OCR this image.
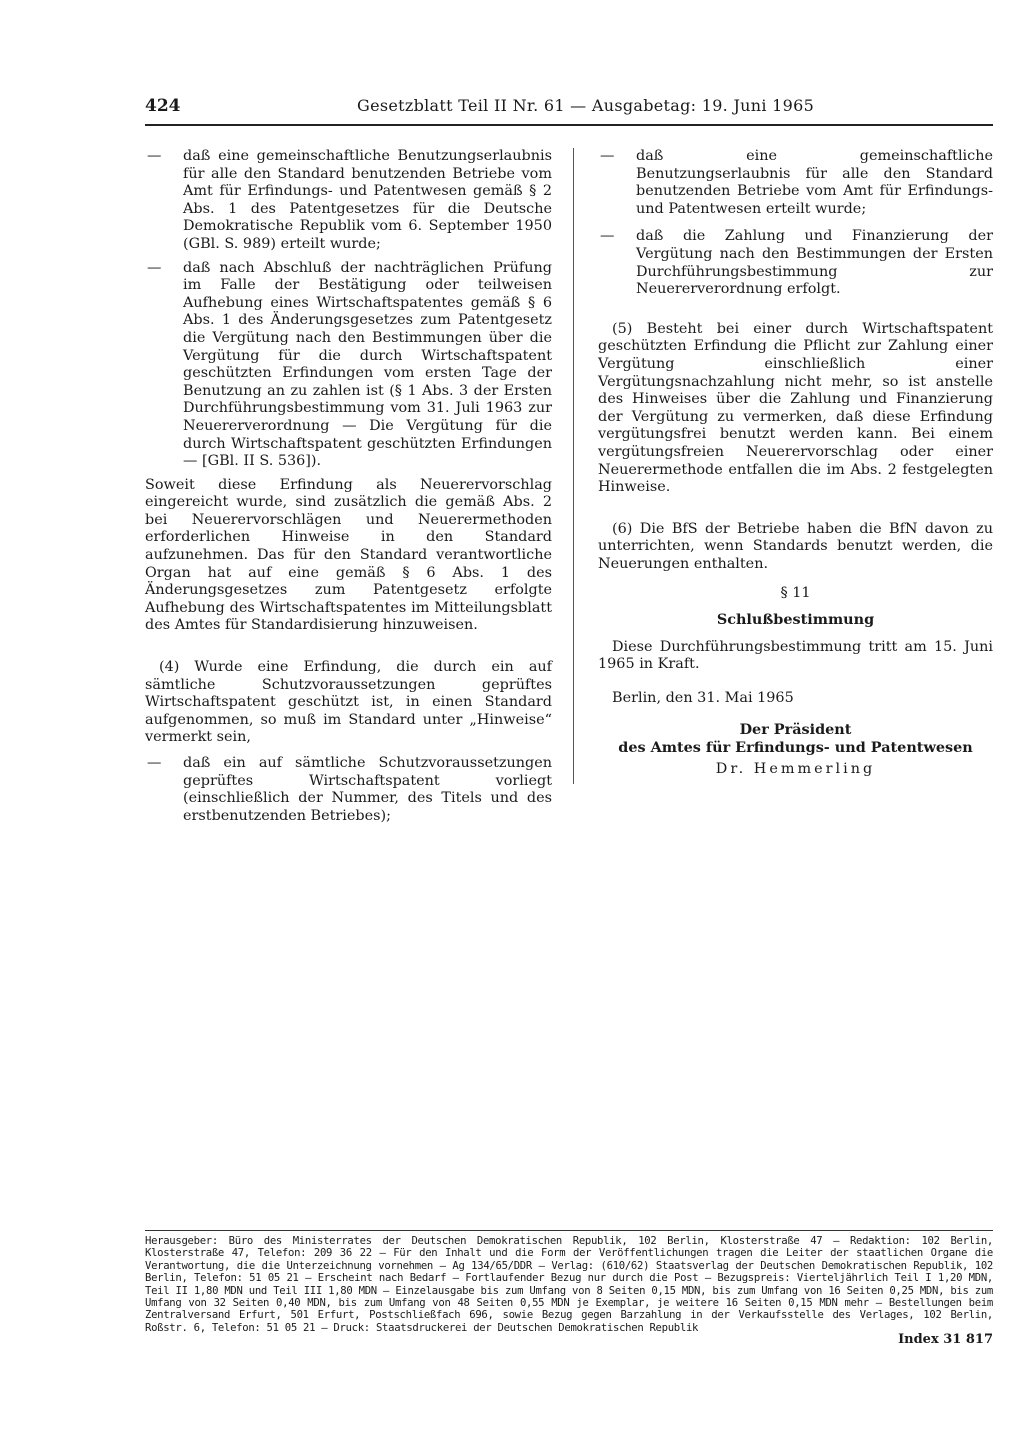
424	Gesetzblatt Teil II Nr. 61 — Ausgabetag: 19. Juni 1965
—	daß eine gemeinschaftliche Benutzungserlaubnis für alle den Standard benutzenden Betriebe vom Amt für Erfindungs- und Patentwesen gemäß § 2 Abs. 1 des Patentgesetzes für die Deutsche Demokratische Republik vom 6. September 1950 (GBl. S. 989) erteilt wurde;
—	daß nach Abschluß der nachträglichen Prüfung im Falle der Bestätigung oder teilweisen Aufhebung eines Wirtschaftspatentes gemäß § 6 Abs. 1 des Änderungsgesetzes zum Patentgesetz die Vergütung nach den Bestimmungen über die Vergütung für die durch Wirtschaftspatent geschützten Erfindungen vom ersten Tage der Benutzung an zu zahlen ist (§ 1 Abs. 3 der Ersten Durchführungsbestimmung vom 31. Juli 1963 zur Neuererverordnung — Die Vergütung für die durch Wirtschaftspatent geschützten Erfindungen — [GBl. II S. 536]).

Soweit diese Erfindung als Neuerervorschlag eingereicht wurde, sind zusätzlich die gemäß Abs. 2 bei Neuerervorschlägen und Neuerermethoden erforderlichen Hinweise in den Standard aufzunehmen. Das für den Standard verantwortliche Organ hat auf eine gemäß § 6 Abs. 1 des Änderungsgesetzes zum Patentgesetz erfolgte Aufhebung des Wirtschaftspatentes im Mitteilungsblatt des Amtes für Standardisierung hinzuweisen.

(4) Wurde eine Erfindung, die durch ein auf sämtliche Schutzvoraussetzungen geprüftes Wirtschaftspatent geschützt ist, in einen Standard aufgenommen, so muß im Standard unter „Hinweise“ vermerkt sein,

—	daß ein auf sämtliche Schutzvoraussetzungen geprüftes Wirtschaftspatent vorliegt (einschließlich der Nummer, des Titels und des erstbenutzenden Betriebes);
—	daß eine gemeinschaftliche Benutzungserlaubnis für alle den Standard benutzenden Betriebe vom Amt für Erfindungs- und Patentwesen erteilt wurde;
—	daß die Zahlung und Finanzierung der Vergütung nach den Bestimmungen der Ersten Durchführungsbestimmung zur Neuererverordnung erfolgt.

(5) Besteht bei einer durch Wirtschaftspatent geschützten Erfindung die Pflicht zur Zahlung einer Vergütung einschließlich einer Vergütungsnachzahlung nicht mehr, so ist anstelle des Hinweises über die Zahlung und Finanzierung der Vergütung zu vermerken, daß diese Erfindung vergütungsfrei benutzt werden kann. Bei einem vergütungsfreien Neuerervorschlag oder einer Neuerermethode entfallen die im Abs. 2 festgelegten Hinweise.

(6) Die BfS der Betriebe haben die BfN davon zu unterrichten, wenn Standards benutzt werden, die Neuerungen enthalten.

§ 11
Schlußbestimmung

Diese Durchführungsbestimmung tritt am 15. Juni 1965 in Kraft.

Berlin, den 31. Mai 1965

Der Präsident
des Amtes für Erfindungs- und Patentwesen
Dr. Hemmerling
Herausgeber: Büro des Ministerrates der Deutschen Demokratischen Republik, 102 Berlin, Klosterstraße 47 — Redaktion: 102 Berlin, Klosterstraße 47, Telefon: 209 36 22 — Für den Inhalt und die Form der Veröffentlichungen tragen die Leiter der staatlichen Organe die Verantwortung, die die Unterzeichnung vornehmen — Ag 134/65/DDR — Verlag: (610/62) Staatsverlag der Deutschen Demokratischen Republik, 102 Berlin, Telefon: 51 05 21 — Erscheint nach Bedarf — Fortlaufender Bezug nur durch die Post — Bezugspreis: Vierteljährlich Teil I 1,20 MDN, Teil II 1,80 MDN und Teil III 1,80 MDN — Einzelausgabe bis zum Umfang von 8 Seiten 0,15 MDN, bis zum Umfang von 16 Seiten 0,25 MDN, bis zum Umfang von 32 Seiten 0,40 MDN, bis zum Umfang von 48 Seiten 0,55 MDN je Exemplar, je weitere 16 Seiten 0,15 MDN mehr — Bestellungen beim Zentralversand Erfurt, 501 Erfurt, Postschließfach 696, sowie Bezug gegen Barzahlung in der Verkaufsstelle des Verlages, 102 Berlin, Roßstr. 6, Telefon: 51 05 21 — Druck: Staatsdruckerei der Deutschen Demokratischen Republik
Index 31 817
